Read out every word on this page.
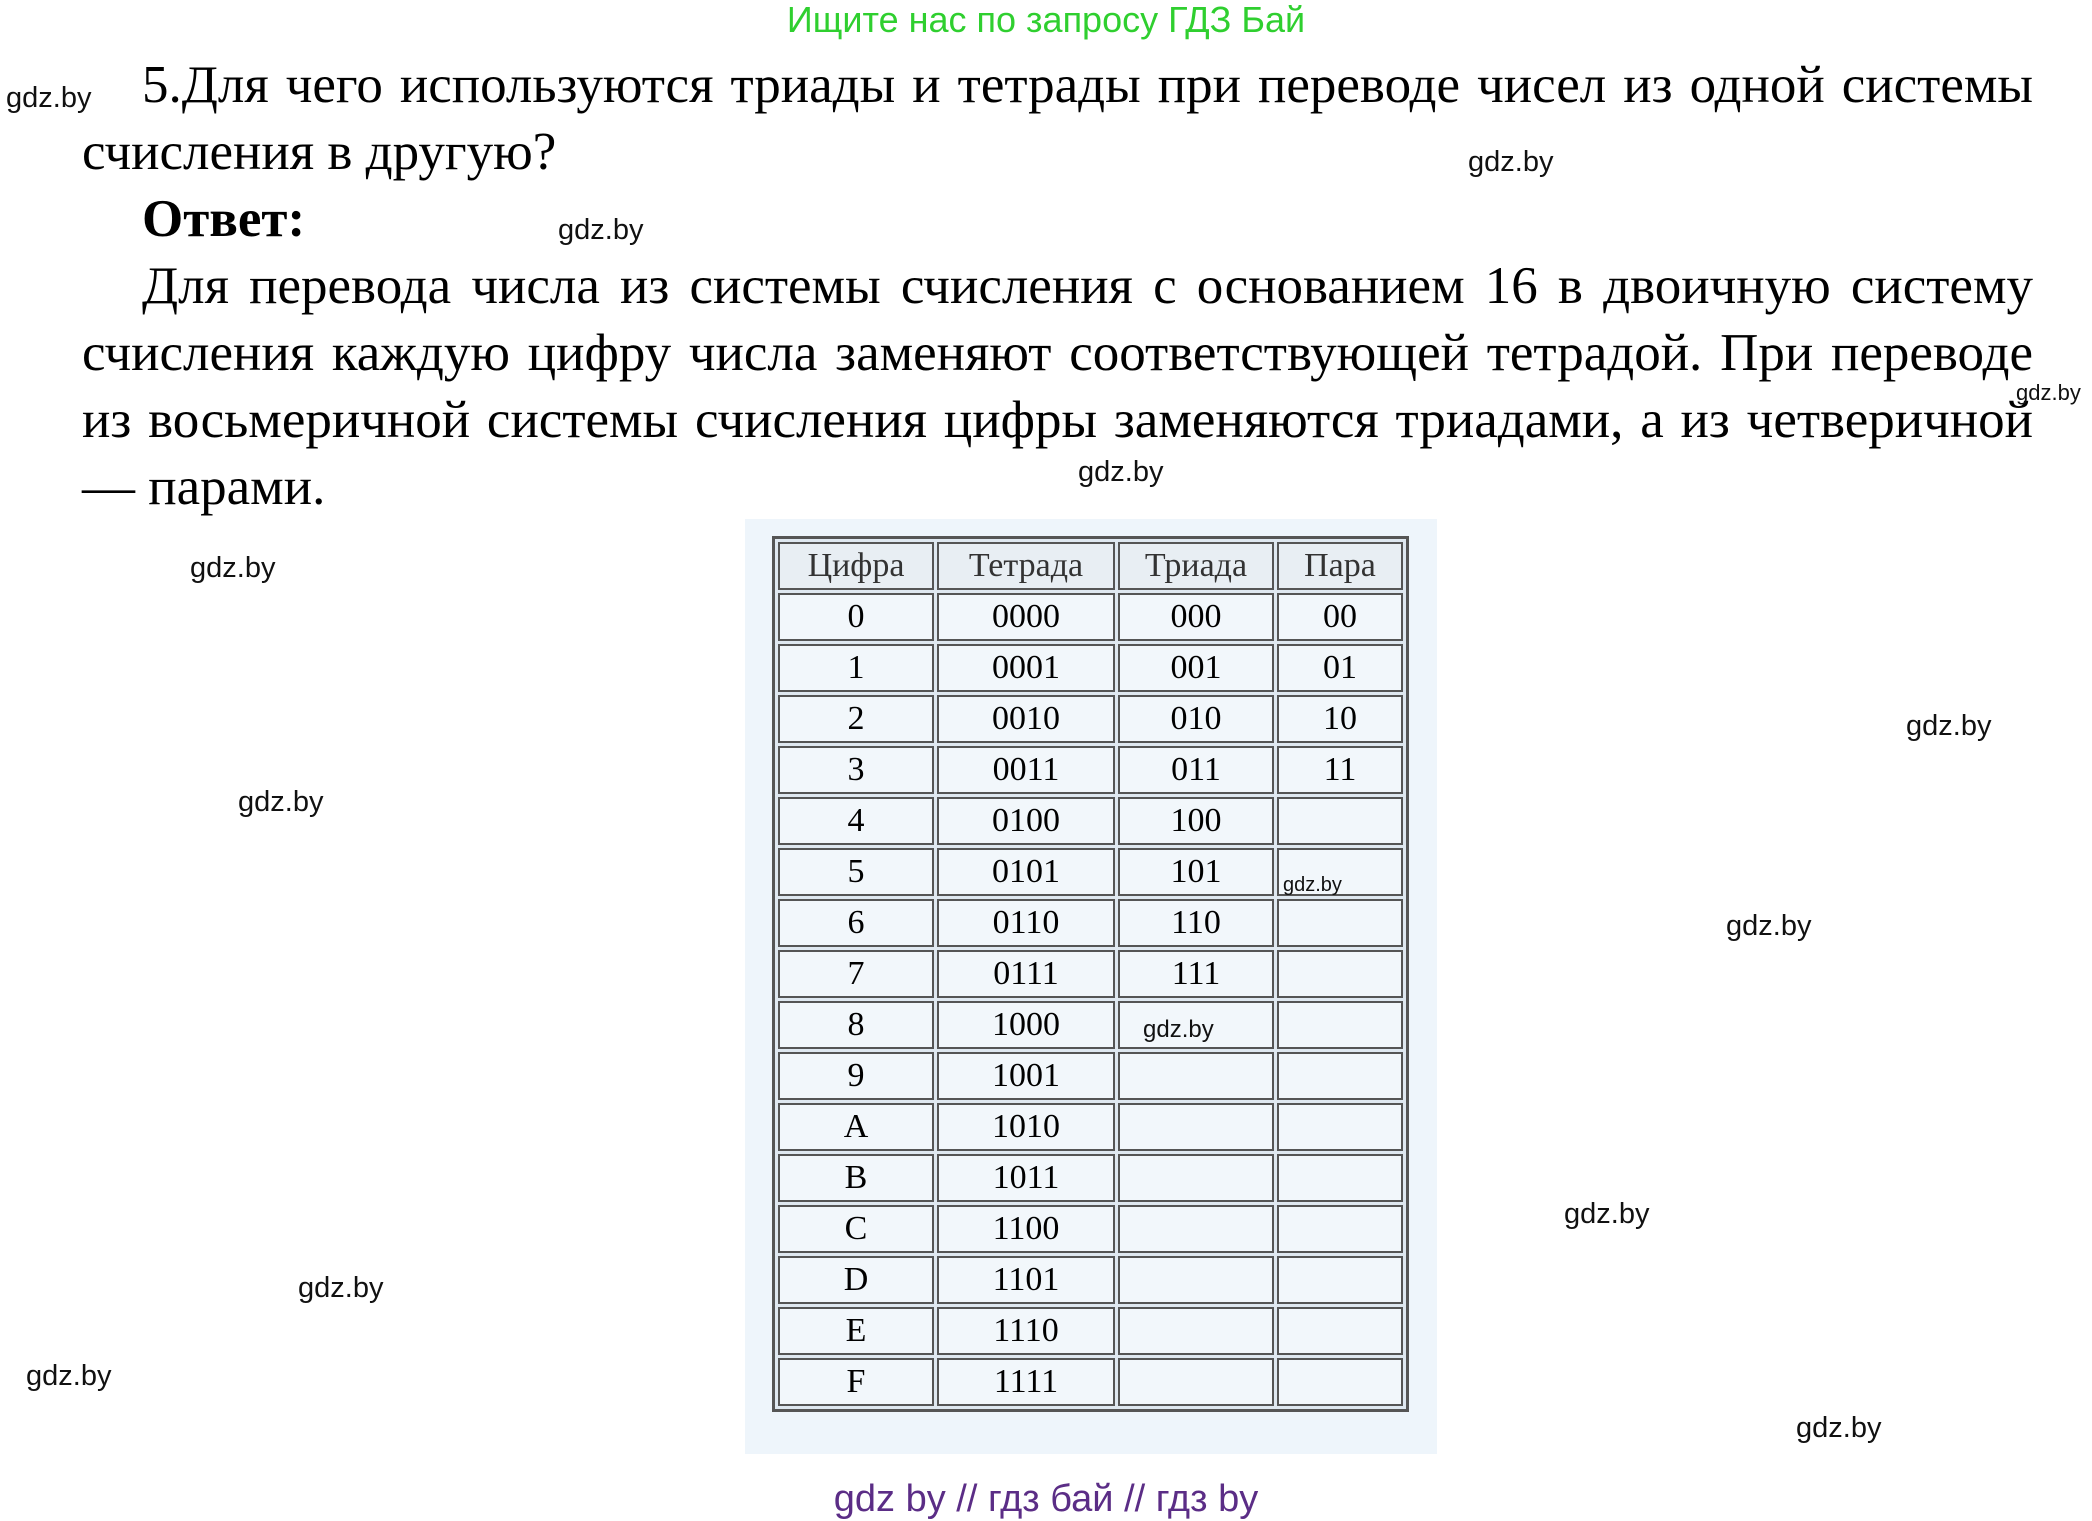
Ищите нас по запросу ГДЗ Бай

5.Для чего используются триады и тетрады при переводе чисел из одной системы счисления в другую?

Ответ:

Для перевода числа из системы счисления с основанием 16 в двоичную систему счисления каждую цифру числа заменяют соответствующей тетрадой. При переводе из восьмеричной системы счисления цифры заменяются триадами, а из четверичной — парами.

Цифра	Тетрада	Триада	Пара
0	0000	000	00
1	0001	001	01
2	0010	010	10
3	0011	011	11
4	0100	100	
5	0101	101	
6	0110	110	
7	0111	111	
8	1000		
9	1001		
A	1010		
B	1011		
C	1100		
D	1101		
E	1110		
F	1111		
gdz.by
gdz.by
gdz.by
gdz.by
gdz.by
gdz.by
gdz.by
gdz.by
gdz.by
gdz.by
gdz.by
gdz.by
gdz.by
gdz.by
gdz.by
gdz by // гдз бай // гдз by
